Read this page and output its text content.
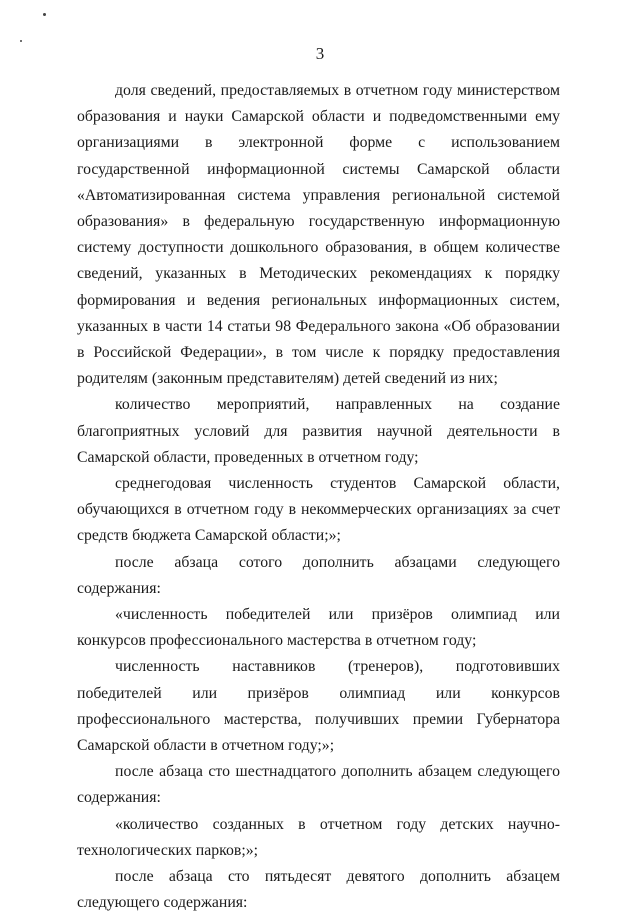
3

доля сведений, предоставляемых в отчетном году министерством образования и науки Самарской области и подведомственными ему организациями в электронной форме с использованием государственной информационной системы Самарской области «Автоматизированная система управления региональной системой образования» в федеральную государственную информационную систему доступности дошкольного образования, в общем количестве сведений, указанных в Методических рекомендациях к порядку формирования и ведения региональных информационных систем, указанных в части 14 статьи 98 Федерального закона «Об образовании в Российской Федерации», в том числе к порядку предоставления родителям (законным представителям) детей сведений из них;

количество мероприятий, направленных на создание благоприятных условий для развития научной деятельности в Самарской области, проведенных в отчетном году;

среднегодовая численность студентов Самарской области, обучающихся в отчетном году в некоммерческих организациях за счет средств бюджета Самарской области;»;

после абзаца сотого дополнить абзацами следующего содержания:

«численность победителей или призёров олимпиад или конкурсов профессионального мастерства в отчетном году;

численность наставников (тренеров), подготовивших победителей или призёров олимпиад или конкурсов профессионального мастерства, получивших премии Губернатора Самарской области в отчетном году;»;

после абзаца сто шестнадцатого дополнить абзацем следующего содержания:

«количество созданных в отчетном году детских научно-технологических парков;»;

после абзаца сто пятьдесят девятого дополнить абзацем следующего содержания:
